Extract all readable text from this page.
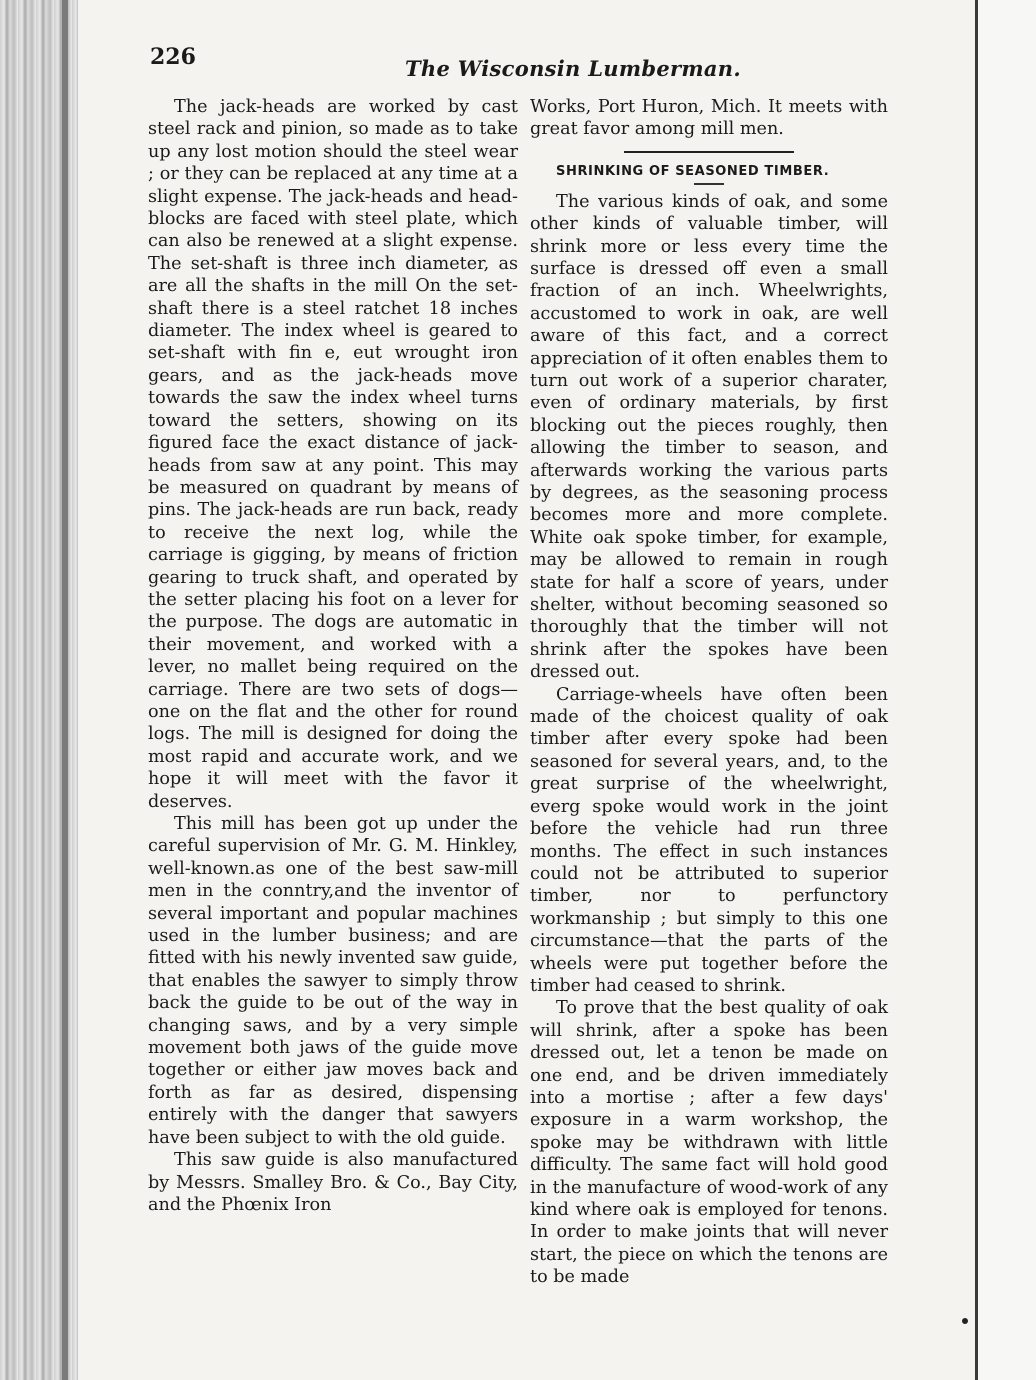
226	The Wisconsin Lumberman.

The jack-heads are worked by cast steel rack and pinion, so made as to take up any lost motion should the steel wear ; or they can be replaced at any time at a slight expense. The jack-heads and head-blocks are faced with steel plate, which can also be renewed at a slight expense. The set-shaft is three inch diameter, as are all the shafts in the mill On the set-shaft there is a steel ratchet 18 inches diameter. The index wheel is geared to set-shaft with fin e, eut wrought iron gears, and as the jack-heads move towards the saw the index wheel turns toward the setters, showing on its figured face the exact distance of jack-heads from saw at any point. This may be measured on quadrant by means of pins. The jack-heads are run back, ready to receive the next log, while the carriage is gigging, by means of friction gearing to truck shaft, and operated by the setter placing his foot on a lever for the purpose. The dogs are automatic in their movement, and worked with a lever, no mallet being required on the carriage. There are two sets of dogs—one on the flat and the other for round logs. The mill is designed for doing the most rapid and accurate work, and we hope it will meet with the favor it deserves.

This mill has been got up under the careful supervision of Mr. G. M. Hinkley, well-known.as one of the best saw-mill men in the conntry,and the inventor of several important and popular machines used in the lumber business; and are fitted with his newly invented saw guide, that enables the sawyer to simply throw back the guide to be out of the way in changing saws, and by a very simple movement both jaws of the guide move together or either jaw moves back and forth as far as desired, dispensing entirely with the danger that sawyers have been subject to with the old guide.

This saw guide is also manufactured by Messrs. Smalley Bro. & Co., Bay City, and the Phœnix Iron

Works, Port Huron, Mich. It meets with great favor among mill men.

SHRINKING OF SEASONED TIMBER.

The various kinds of oak, and some other kinds of valuable timber, will shrink more or less every time the surface is dressed off even a small fraction of an inch. Wheelwrights, accustomed to work in oak, are well aware of this fact, and a correct appreciation of it often enables them to turn out work of a superior charater, even of ordinary materials, by first blocking out the pieces roughly, then allowing the timber to season, and afterwards working the various parts by degrees, as the seasoning process becomes more and more complete. White oak spoke timber, for example, may be allowed to remain in rough state for half a score of years, under shelter, without becoming seasoned so thoroughly that the timber will not shrink after the spokes have been dressed out.

Carriage-wheels have often been made of the choicest quality of oak timber after every spoke had been seasoned for several years, and, to the great surprise of the wheelwright, everg spoke would work in the joint before the vehicle had run three months. The effect in such instances could not be attributed to superior timber, nor to perfunctory workmanship ; but simply to this one circumstance—that the parts of the wheels were put together before the timber had ceased to shrink.

To prove that the best quality of oak will shrink, after a spoke has been dressed out, let a tenon be made on one end, and be driven immediately into a mortise ; after a few days' exposure in a warm workshop, the spoke may be withdrawn with little difficulty. The same fact will hold good in the manufacture of wood-work of any kind where oak is employed for tenons. In order to make joints that will never start, the piece on which the tenons are to be made
